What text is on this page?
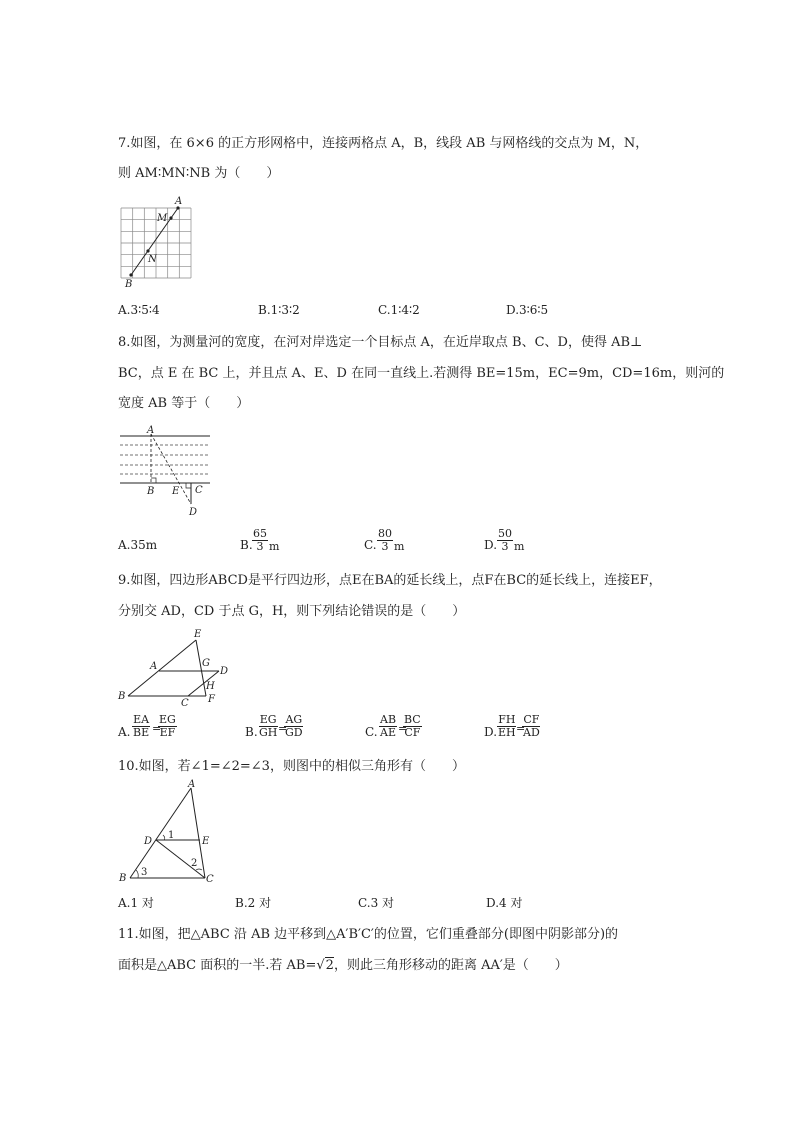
7.如图，在 6×6 的正方形网格中，连接两格点 A，B，线段 AB 与网格线的交点为 M，N，
则 AM∶MN∶NB 为（　　）
A
M
N
B
A.3∶5∶4	B.1∶3∶2	C.1∶4∶2	D.3∶6∶5
8.如图，为测量河的宽度，在河对岸选定一个目标点 A，在近岸取点 B、C、D，使得 AB⊥
BC，点 E 在 BC 上，并且点 A、E、D 在同一直线上.若测得 BE=15m，EC=9m，CD=16m，则河的
宽度 AB 等于（　　）
A
B E C
D
A.35m	B. $\frac{65}{3}$ m	C. $\frac{80}{3}$ m	D. $\frac{50}{3}$ m
9.如图，四边形ABCD是平行四边形，点E在BA的延长线上，点F在BC的延长线上，连接EF，
分别交 AD，CD 于点 G，H，则下列结论错误的是（　　）
E
A	G
D
H
B
C F
A. $\frac{EA}{BE}$ =
$\frac{EG}{EF}$	B. $\frac{EG}{GH}$ =
$\frac{AG}{GD}$	C. $\frac{AB}{AE}$ =
$\frac{BC}{CF}$	D. $\frac{FH}{EH}$ =
$\frac{CF}{AD}$
10.如图，若∠1=∠2=∠3，则图中的相似三角形有（　　）
A
D	E
B	C
1
2
3
A.1 对	B.2 对	C.3 对	D.4 对
11.如图，把△ABC 沿 AB 边平移到△A′B′C′的位置，它们重叠部分(即图中阴影部分)的
面积是△ABC 面积的一半.若 AB=√2，则此三角形移动的距离 AA′是（　　）
